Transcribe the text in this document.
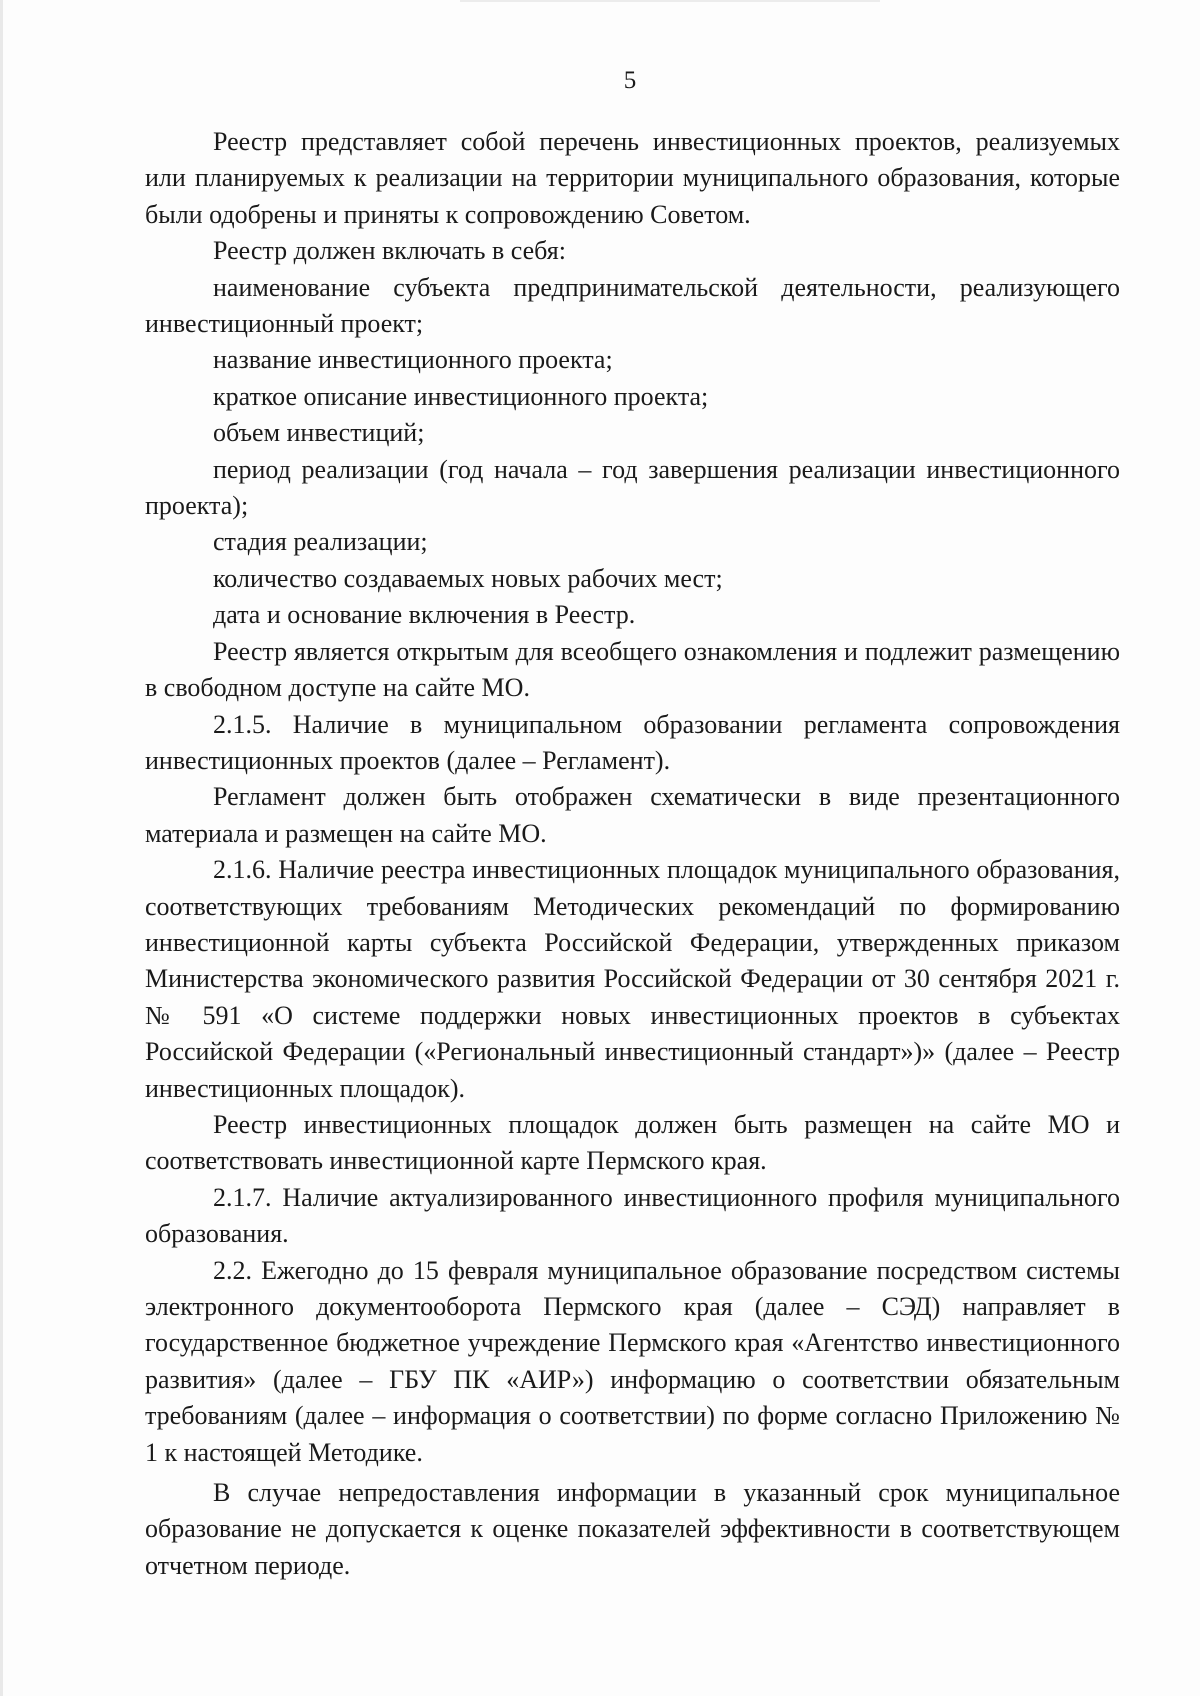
5

Реестр представляет собой перечень инвестиционных проектов, реализуемых или планируемых к реализации на территории муниципального образования, которые были одобрены и приняты к сопровождению Советом.

Реестр должен включать в себя:

наименование субъекта предпринимательской деятельности, реализующего инвестиционный проект;

название инвестиционного проекта;

краткое описание инвестиционного проекта;

объем инвестиций;

период реализации (год начала – год завершения реализации инвестиционного проекта);

стадия реализации;

количество создаваемых новых рабочих мест;

дата и основание включения в Реестр.

Реестр является открытым для всеобщего ознакомления и подлежит размещению в свободном доступе на сайте МО.

2.1.5. Наличие в муниципальном образовании регламента сопровождения инвестиционных проектов (далее – Регламент).

Регламент должен быть отображен схематически в виде презентационного материала и размещен на сайте МО.

2.1.6. Наличие реестра инвестиционных площадок муниципального образования, соответствующих требованиям Методических рекомендаций по формированию инвестиционной карты субъекта Российской Федерации, утвержденных приказом Министерства экономического развития Российской Федерации от 30 сентября 2021 г. № 591 «О системе поддержки новых инвестиционных проектов в субъектах Российской Федерации («Региональный инвестиционный стандарт»)» (далее – Реестр инвестиционных площадок).

Реестр инвестиционных площадок должен быть размещен на сайте МО и соответствовать инвестиционной карте Пермского края.

2.1.7. Наличие актуализированного инвестиционного профиля муниципального образования.

2.2. Ежегодно до 15 февраля муниципальное образование посредством системы электронного документооборота Пермского края (далее – СЭД) направляет в государственное бюджетное учреждение Пермского края «Агентство инвестиционного развития» (далее – ГБУ ПК «АИР») информацию о соответствии обязательным требованиям (далее – информация о соответствии) по форме согласно Приложению № 1 к настоящей Методике.

В случае непредоставления информации в указанный срок муниципальное образование не допускается к оценке показателей эффективности в соответствующем отчетном периоде.
